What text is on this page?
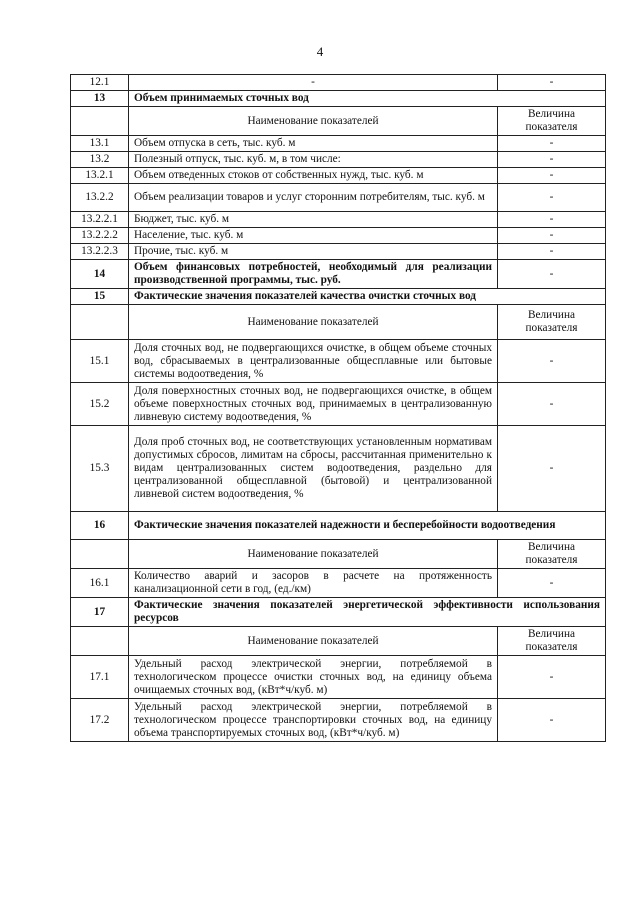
4
12.1	-	-
13	Объем принимаемых сточных вод	
	Наименование показателей	Величина показателя
13.1	Объем отпуска в сеть, тыс. куб. м	-
13.2	Полезный отпуск, тыс. куб. м, в том числе:	-
13.2.1	Объем отведенных стоков от собственных нужд, тыс. куб. м	-
13.2.2	Объем реализации товаров и услуг сторонним потребителям, тыс. куб. м	-
13.2.2.1	Бюджет, тыс. куб. м	-
13.2.2.2	Население, тыс. куб. м	-
13.2.2.3	Прочие, тыс. куб. м	-
14	Объем финансовых потребностей, необходимый для реализации производственной программы, тыс. руб.	-
15	Фактические значения показателей качества очистки сточных вод	
	Наименование показателей	Величина показателя
15.1	Доля сточных вод, не подвергающихся очистке, в общем объеме сточных вод, сбрасываемых в централизованные общесплавные или бытовые системы водоотведения, %	-
15.2	Доля поверхностных сточных вод, не подвергающихся очистке, в общем объеме поверхностных сточных вод, принимаемых в централизованную ливневую систему водоотведения, %	-
15.3	Доля проб сточных вод, не соответствующих установленным нормативам допустимых сбросов, лимитам на сбросы, рассчитанная применительно к видам централизованных систем водоотведения, раздельно для централизованной общесплавной (бытовой) и централизованной ливневой систем водоотведения, %	-
16	Фактические значения показателей надежности и бесперебойности водоотведения	
	Наименование показателей	Величина показателя
16.1	Количество аварий и засоров в расчете на протяженность канализационной сети в год, (ед./км)	-
17	Фактические значения показателей энергетической эффективности использования ресурсов	
	Наименование показателей	Величина показателя
17.1	Удельный расход электрической энергии, потребляемой в технологическом процессе очистки сточных вод, на единицу объема очищаемых сточных вод, (кВт*ч/куб. м)	-
17.2	Удельный расход электрической энергии, потребляемой в технологическом процессе транспортировки сточных вод, на единицу объема транспортируемых сточных вод, (кВт*ч/куб. м)	-
